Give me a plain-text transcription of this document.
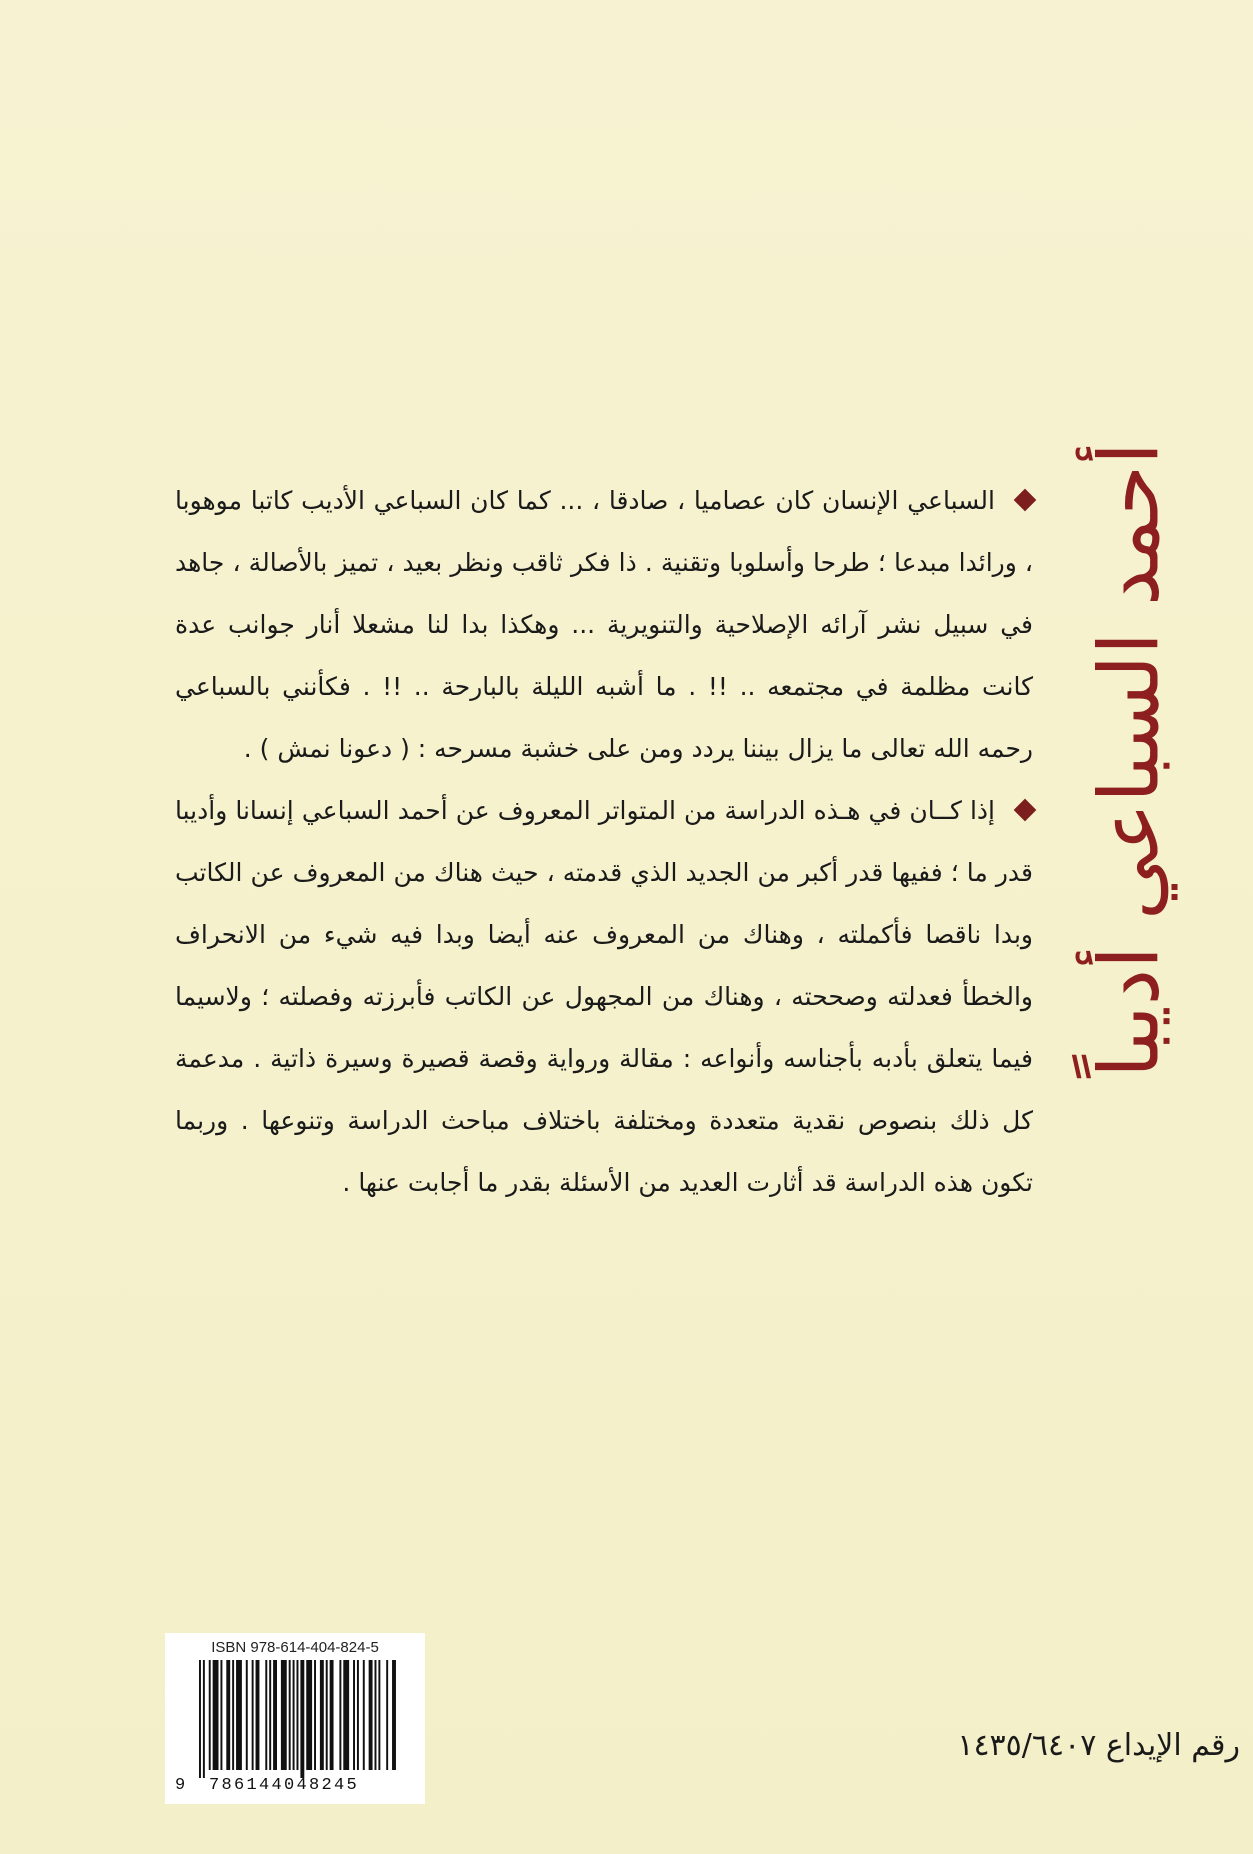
أحمد السباعي أديباً

السباعي الإنسان كان عصاميا ، صادقا ، ... كما كان السباعي الأديب كاتبا موهوبا ، ورائدا مبدعا ؛ طرحا وأسلوبا وتقنية . ذا فكر ثاقب ونظر بعيد ، تميز بالأصالة ، جاهد في سبيل نشر آرائه الإصلاحية والتنويرية ... وهكذا بدا لنا مشعلا أنار جوانب عدة كانت مظلمة في مجتمعه .. !! . ما أشبه الليلة بالبارحة .. !! . فكأنني بالسباعي رحمه الله تعالى ما يزال بيننا يردد ومن على خشبة مسرحه : ( دعونا نمش ) .

إذا كــان في هـذه الدراسة من المتواتر المعروف عن أحمد السباعي إنسانا وأديبا قدر ما ؛ ففيها قدر أكبر من الجديد الذي قدمته ، حيث هناك من المعروف عن الكاتب وبدا ناقصا فأكملته ، وهناك من المعروف عنه أيضا وبدا فيه شيء من الانحراف والخطأ فعدلته وصححته ، وهناك من المجهول عن الكاتب فأبرزته وفصلته ؛ ولاسيما فيما يتعلق بأدبه بأجناسه وأنواعه : مقالة ورواية وقصة قصيرة وسيرة ذاتية . مدعمة كل ذلك بنصوص نقدية متعددة ومختلفة باختلاف مباحث الدراسة وتنوعها . وربما تكون هذه الدراسة قد أثارت العديد من الأسئلة بقدر ما أجابت عنها .

ISBN 978-614-404-824-5
9 786144048245
رقم الإيداع ١٤٣٥/٦٤٠٧
